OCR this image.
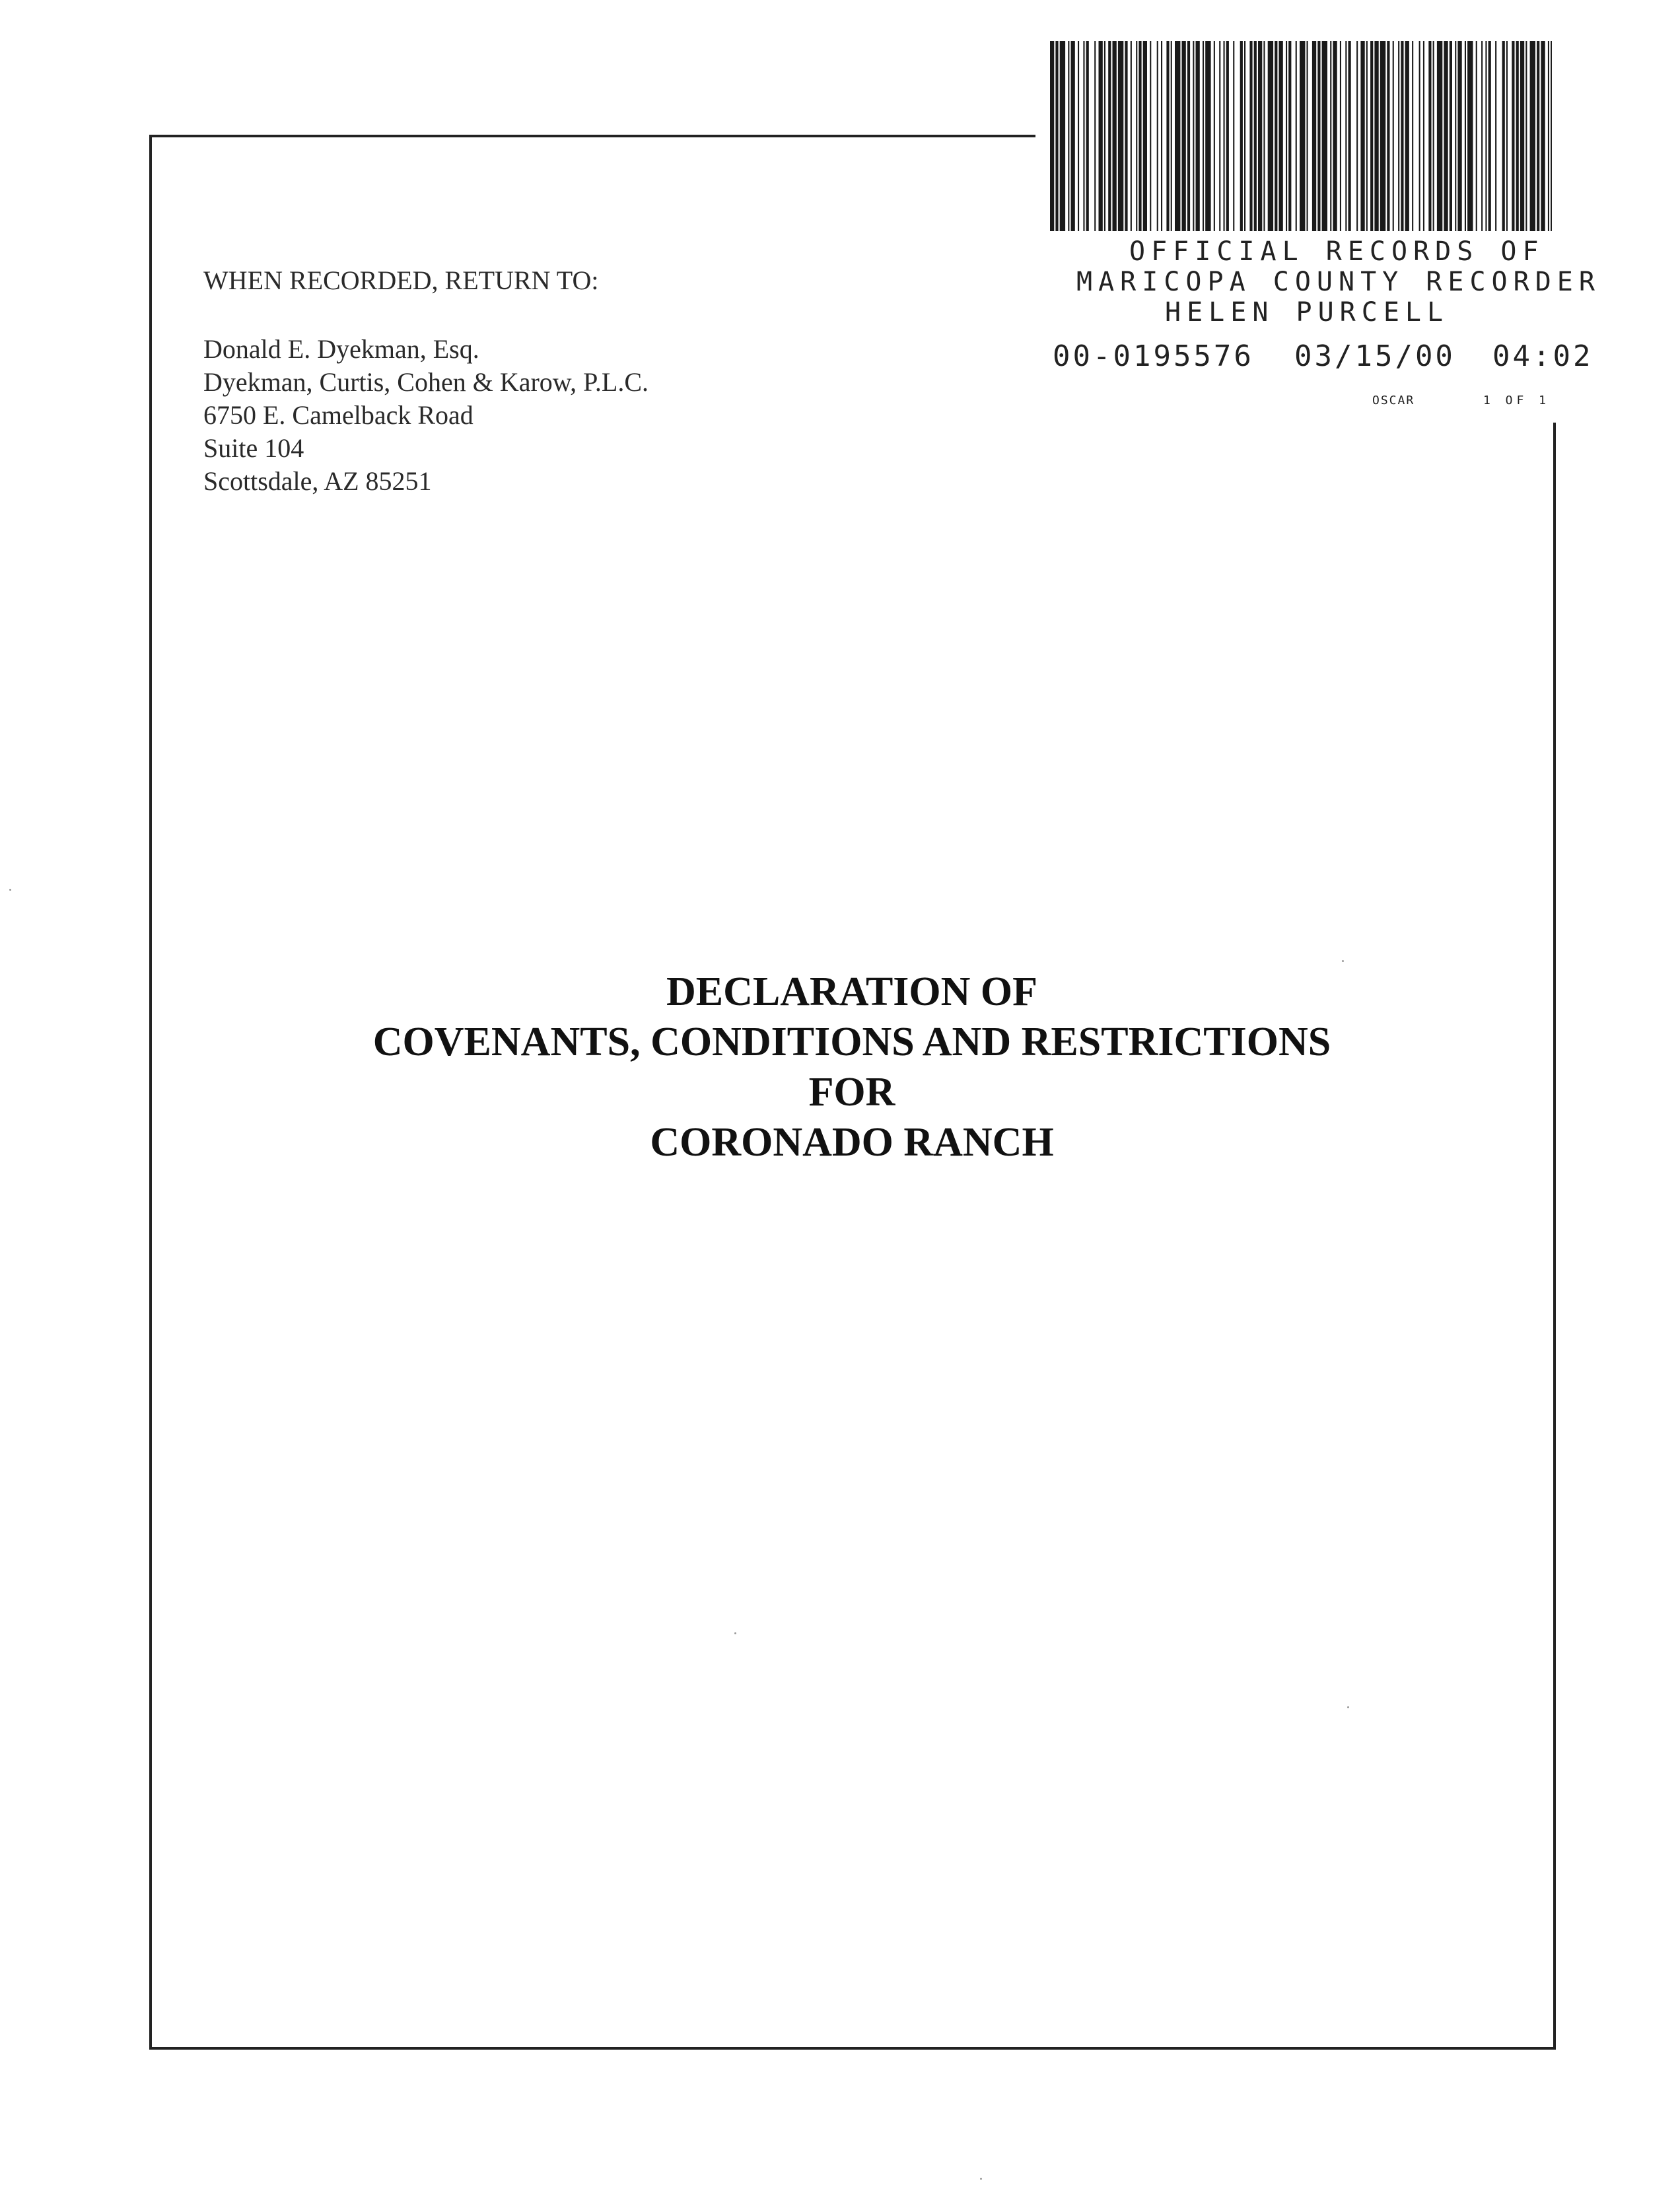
OFFICIAL RECORDS OF
MARICOPA COUNTY RECORDER
HELEN PURCELL
00-0195576 03/15/00 04:02
OSCAR	1 OF 1
WHEN RECORDED, RETURN TO:
Donald E. Dyekman, Esq.
Dyekman, Curtis, Cohen & Karow, P.L.C.
6750 E. Camelback Road
Suite 104
Scottsdale, AZ 85251
DECLARATION OF
COVENANTS, CONDITIONS AND RESTRICTIONS
FOR
CORONADO RANCH
